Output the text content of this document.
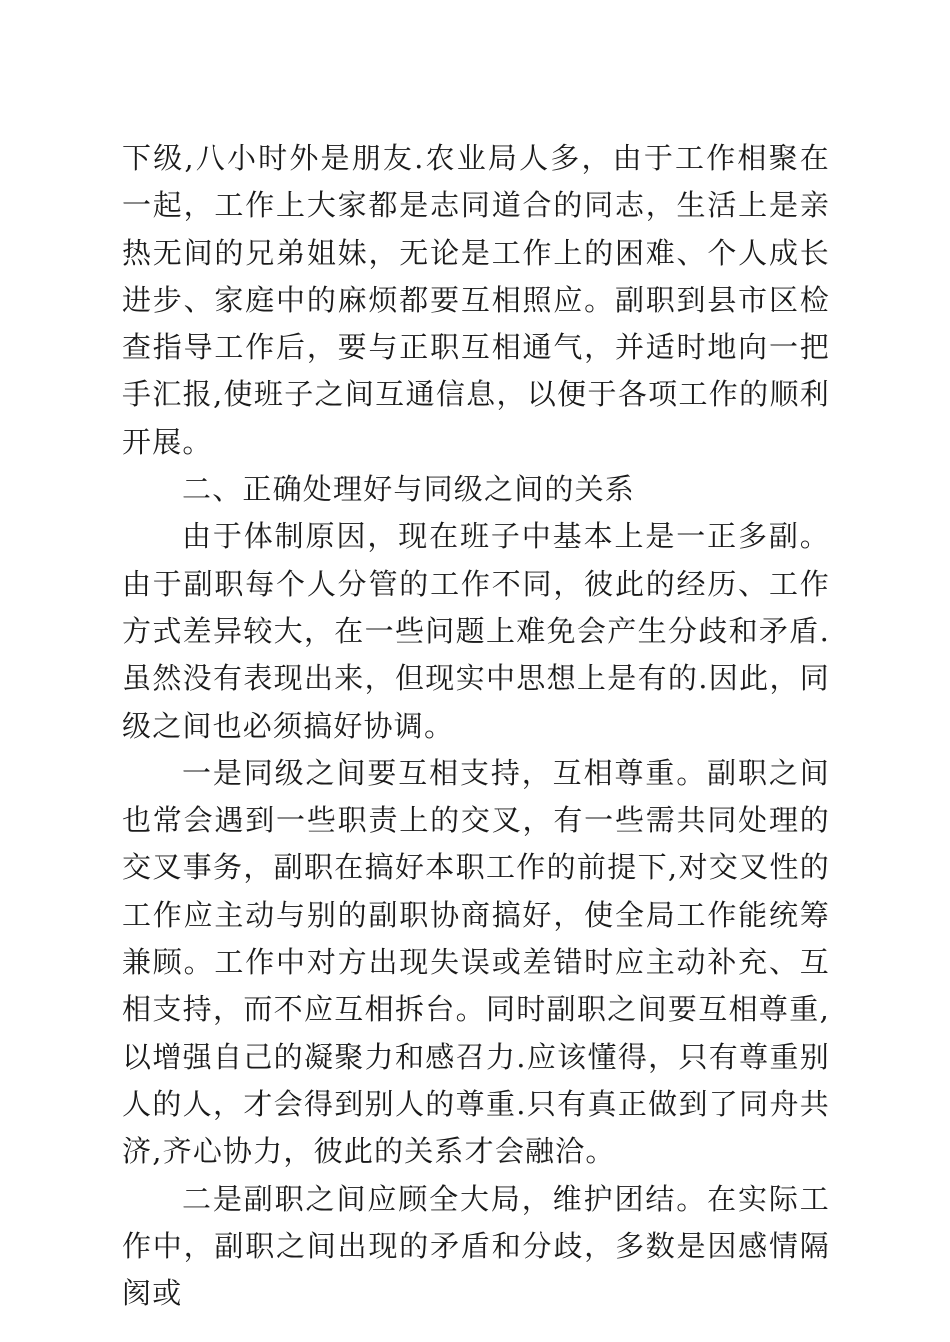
下级,八小时外是朋友.农业局人多，由于工作相聚在一起，工作上大家都是志同道合的同志，生活上是亲热无间的兄弟姐妹，无论是工作上的困难、个人成长进步、家庭中的麻烦都要互相照应。副职到县市区检查指导工作后，要与正职互相通气，并适时地向一把手汇报,使班子之间互通信息，以便于各项工作的顺利开展。

二、正确处理好与同级之间的关系

由于体制原因，现在班子中基本上是一正多副。由于副职每个人分管的工作不同，彼此的经历、工作方式差异较大，在一些问题上难免会产生分歧和矛盾.虽然没有表现出来，但现实中思想上是有的.因此，同级之间也必须搞好协调。

一是同级之间要互相支持，互相尊重。副职之间也常会遇到一些职责上的交叉，有一些需共同处理的交叉事务，副职在搞好本职工作的前提下,对交叉性的工作应主动与别的副职协商搞好，使全局工作能统筹兼顾。工作中对方出现失误或差错时应主动补充、互相支持，而不应互相拆台。同时副职之间要互相尊重,以增强自己的凝聚力和感召力.应该懂得，只有尊重别人的人，才会得到别人的尊重.只有真正做到了同舟共济,齐心协力，彼此的关系才会融洽。

二是副职之间应顾全大局，维护团结。在实际工作中，副职之间出现的矛盾和分歧，多数是因感情隔阂或
